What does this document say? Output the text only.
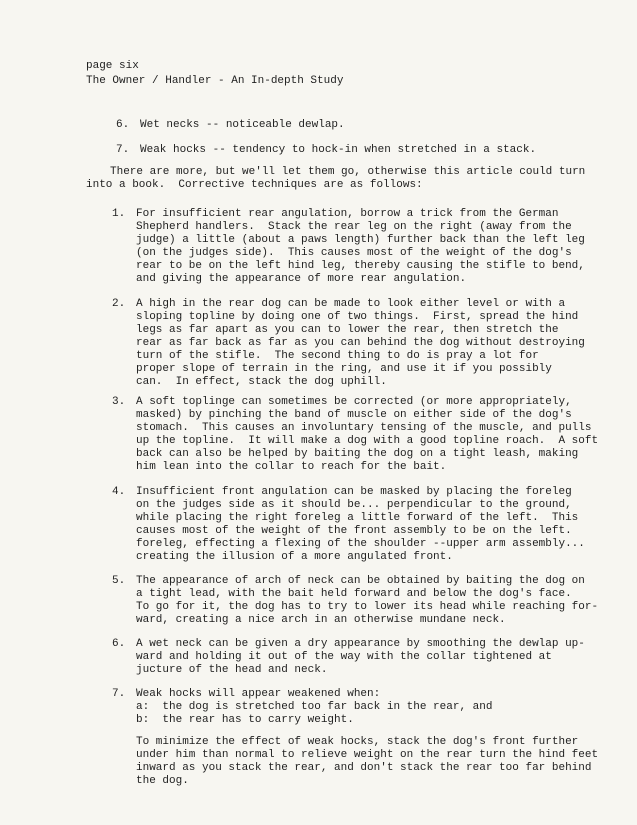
page six
The Owner / Handler - An In-depth Study
6. Wet necks -- noticeable dewlap.
7. Weak hocks -- tendency to hock-in when stretched in a stack.
There are more, but we'll let them go, otherwise this article could turn
into a book.  Corrective techniques are as follows:
1. For insufficient rear angulation, borrow a trick from the German
Shepherd handlers.  Stack the rear leg on the right (away from the
judge) a little (about a paws length) further back than the left leg
(on the judges side).  This causes most of the weight of the dog's
rear to be on the left hind leg, thereby causing the stifle to bend,
and giving the appearance of more rear angulation.
2. A high in the rear dog can be made to look either level or with a
sloping topline by doing one of two things.  First, spread the hind
legs as far apart as you can to lower the rear, then stretch the
rear as far back as far as you can behind the dog without destroying
turn of the stifle.  The second thing to do is pray a lot for
proper slope of terrain in the ring, and use it if you possibly
can.  In effect, stack the dog uphill.
3. A soft toplinge can sometimes be corrected (or more appropriately,
masked) by pinching the band of muscle on either side of the dog's
stomach.  This causes an involuntary tensing of the muscle, and pulls
up the topline.  It will make a dog with a good topline roach.  A soft
back can also be helped by baiting the dog on a tight leash, making
him lean into the collar to reach for the bait.
4. Insufficient front angulation can be masked by placing the foreleg
on the judges side as it should be... perpendicular to the ground,
while placing the right foreleg a little forward of the left.  This
causes most of the weight of the front assembly to be on the left.
foreleg, effecting a flexing of the shoulder --upper arm assembly...
creating the illusion of a more angulated front.
5. The appearance of arch of neck can be obtained by baiting the dog on
a tight lead, with the bait held forward and below the dog's face.
To go for it, the dog has to try to lower its head while reaching for-
ward, creating a nice arch in an otherwise mundane neck.
6. A wet neck can be given a dry appearance by smoothing the dewlap up-
ward and holding it out of the way with the collar tightened at
jucture of the head and neck.
7. Weak hocks will appear weakened when:
a:  the dog is stretched too far back in the rear, and
b:  the rear has to carry weight.
To minimize the effect of weak hocks, stack the dog's front further
under him than normal to relieve weight on the rear turn the hind feet
inward as you stack the rear, and don't stack the rear too far behind
the dog.
